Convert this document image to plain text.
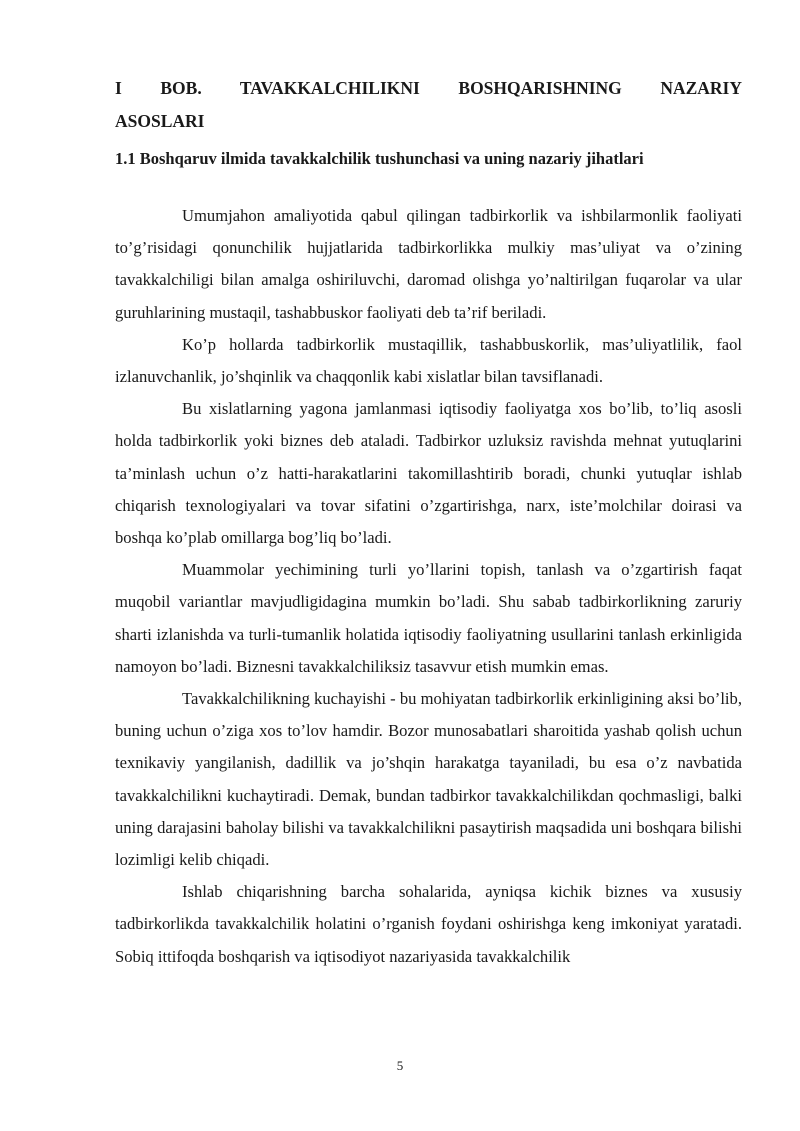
I BOB. TAVAKKALCHILIKNI BOSHQARISHNING NAZARIY
ASOSLARI
1.1 Boshqaruv ilmida tavakkalchilik tushunchasi va uning nazariy jihatlari

Umumjahon amaliyotida qabul qilingan tadbirkorlik va ishbilarmonlik faoliyati to’g’risidagi qonunchilik hujjatlarida tadbirkorlikka mulkiy mas’uliyat va o’zining tavakkalchiligi bilan amalga oshiriluvchi, daromad olishga yo’naltirilgan fuqarolar va ular guruhlarining mustaqil, tashabbuskor faoliyati deb ta’rif beriladi.

Ko’p hollarda tadbirkorlik mustaqillik, tashabbuskorlik, mas’uliyatlilik, faol izlanuvchanlik, jo’shqinlik va chaqqonlik kabi xislatlar bilan tavsiflanadi.

Bu xislatlarning yagona jamlanmasi iqtisodiy faoliyatga xos bo’lib, to’liq asosli holda tadbirkorlik yoki biznes deb ataladi. Tadbirkor uzluksiz ravishda mehnat yutuqlarini ta’minlash uchun o’z hatti-harakatlarini takomillashtirib boradi, chunki yutuqlar ishlab chiqarish texnologiyalari va tovar sifatini o’zgartirishga, narx, iste’molchilar doirasi va boshqa ko’plab omillarga bog’liq bo’ladi.

Muammolar yechimining turli yo’llarini topish, tanlash va o’zgartirish faqat muqobil variantlar mavjudligidagina mumkin bo’ladi. Shu sabab tadbirkorlikning zaruriy sharti izlanishda va turli-tumanlik holatida iqtisodiy faoliyatning usullarini tanlash erkinligida namoyon bo’ladi. Biznesni tavakkalchiliksiz tasavvur etish mumkin emas.

Tavakkalchilikning kuchayishi - bu mohiyatan tadbirkorlik erkinligining aksi bo’lib, buning uchun o’ziga xos to’lov hamdir. Bozor munosabatlari sharoitida yashab qolish uchun texnikaviy yangilanish, dadillik va jo’shqin harakatga tayaniladi, bu esa o’z navbatida tavakkalchilikni kuchaytiradi. Demak, bundan tadbirkor tavakkalchilikdan qochmasligi, balki uning darajasini baholay bilishi va tavakkalchilikni pasaytirish maqsadida uni boshqara bilishi lozimligi kelib chiqadi.

Ishlab chiqarishning barcha sohalarida, ayniqsa kichik biznes va xususiy tadbirkorlikda tavakkalchilik holatini o’rganish foydani oshirishga keng imkoniyat yaratadi. Sobiq ittifoqda boshqarish va iqtisodiyot nazariyasida tavakkalchilik

5
